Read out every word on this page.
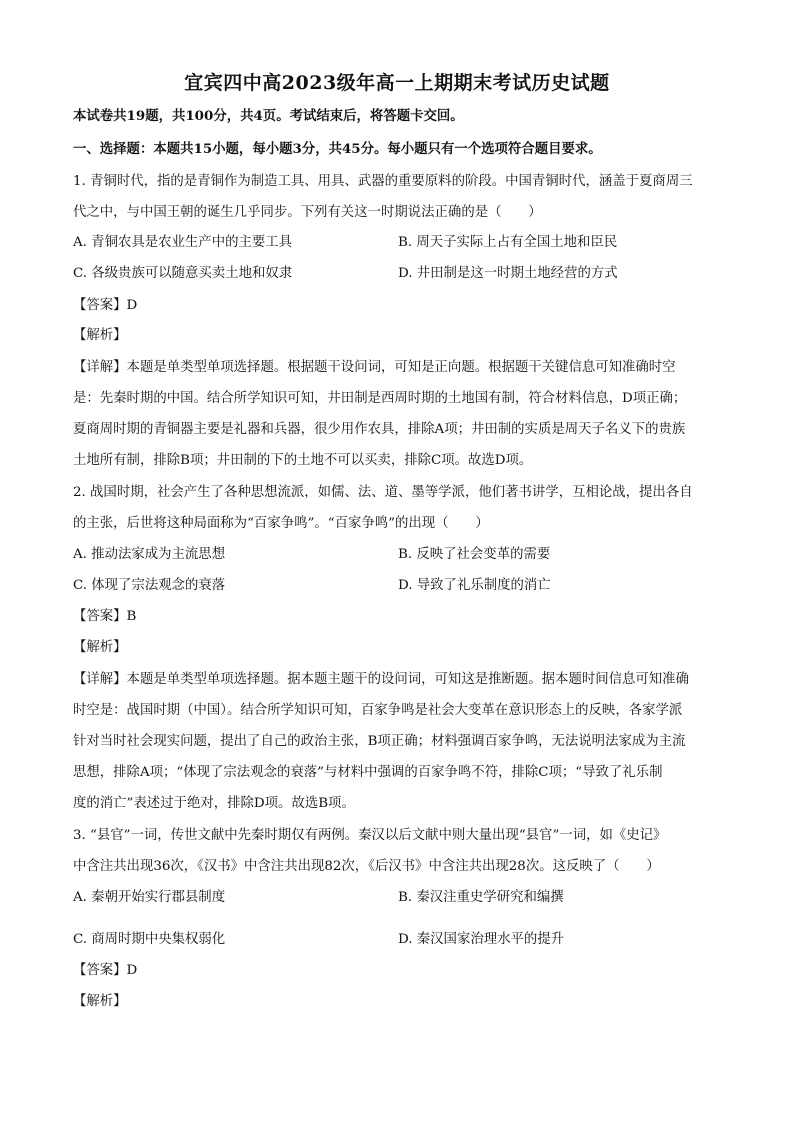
宜宾四中高2023级年高一上期期末考试历史试题
本试卷共19题，共100分，共4页。考试结束后，将答题卡交回。
一、选择题：本题共15小题，每小题3分，共45分。每小题只有一个选项符合题目要求。
1. 青铜时代，指的是青铜作为制造工具、用具、武器的重要原料的阶段。中国青铜时代，涵盖于夏商周三
代之中，与中国王朝的诞生几乎同步。下列有关这一时期说法正确的是（　　）
A. 青铜农具是农业生产中的主要工具	B. 周天子实际上占有全国土地和臣民
C. 各级贵族可以随意买卖土地和奴隶	D. 井田制是这一时期土地经营的方式
【答案】D
【解析】
【详解】本题是单类型单项选择题。根据题干设问词，可知是正向题。根据题干关键信息可知准确时空
是：先秦时期的中国。结合所学知识可知，井田制是西周时期的土地国有制，符合材料信息，D项正确；
夏商周时期的青铜器主要是礼器和兵器，很少用作农具，排除A项；井田制的实质是周天子名义下的贵族
土地所有制，排除B项；井田制的下的土地不可以买卖，排除C项。故选D项。
2. 战国时期，社会产生了各种思想流派，如儒、法、道、墨等学派，他们著书讲学，互相论战，提出各自
的主张，后世将这种局面称为“百家争鸣”。“百家争鸣”的出现（　　）
A. 推动法家成为主流思想	B. 反映了社会变革的需要
C. 体现了宗法观念的衰落	D. 导致了礼乐制度的消亡
【答案】B
【解析】
【详解】本题是单类型单项选择题。据本题主题干的设问词，可知这是推断题。据本题时间信息可知准确
时空是：战国时期（中国）。结合所学知识可知，百家争鸣是社会大变革在意识形态上的反映，各家学派
针对当时社会现实问题，提出了自己的政治主张，B项正确；材料强调百家争鸣，无法说明法家成为主流
思想，排除A项；“体现了宗法观念的衰落”与材料中强调的百家争鸣不符，排除C项；“导致了礼乐制
度的消亡”表述过于绝对，排除D项。故选B项。
3. “县官”一词，传世文献中先秦时期仅有两例。秦汉以后文献中则大量出现“县官”一词，如《史记》
中含注共出现36次，《汉书》中含注共出现82次，《后汉书》中含注共出现28次。这反映了（　　）
A. 秦朝开始实行郡县制度	B. 秦汉注重史学研究和编撰
C. 商周时期中央集权弱化	D. 秦汉国家治理水平的提升
【答案】D
【解析】
